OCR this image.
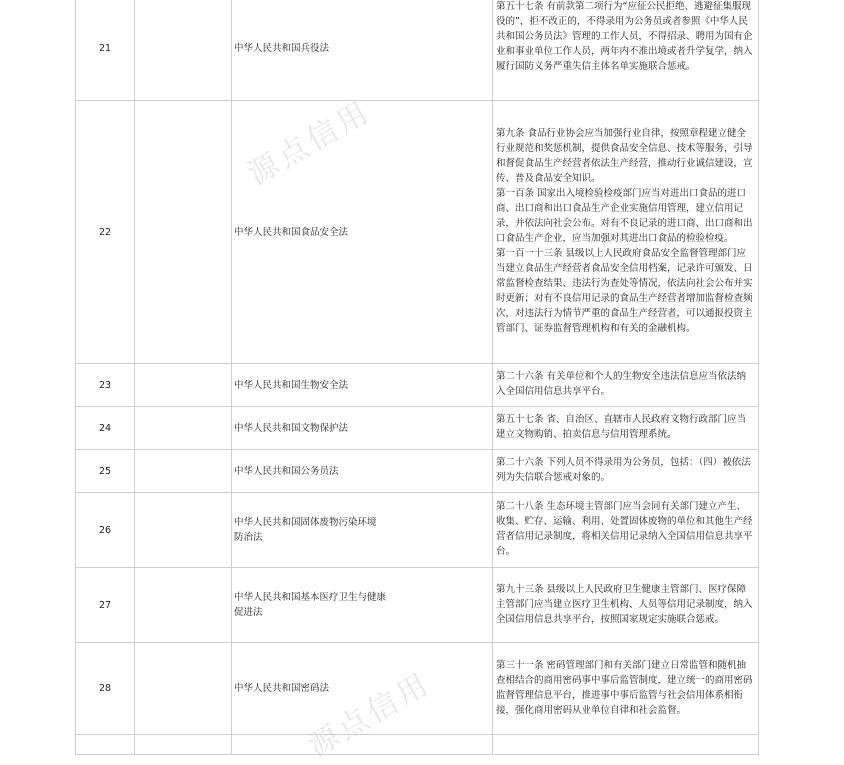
源点信用
源点信用
21		中华人民共和国兵役法	第五十七条 有前款第二项行为“应征公民拒绝、逃避征集服现役的”，拒不改正的，不得录用为公务员或者参照《中华人民共和国公务员法》管理的工作人员，不得招录、聘用为国有企业和事业单位工作人员，两年内不准出境或者升学复学，纳入履行国防义务严重失信主体名单实施联合惩戒。

22		中华人民共和国食品安全法	第九条 食品行业协会应当加强行业自律，按照章程建立健全行业规范和奖惩机制，提供食品安全信息、技术等服务，引导和督促食品生产经营者依法生产经营，推动行业诚信建设，宣传、普及食品安全知识。
第一百条 国家出入境检验检疫部门应当对进出口食品的进口商、出口商和出口食品生产企业实施信用管理，建立信用记录，并依法向社会公布。对有不良记录的进口商、出口商和出口食品生产企业，应当加强对其进出口食品的检验检疫。
第一百一十三条 县级以上人民政府食品安全监督管理部门应当建立食品生产经营者食品安全信用档案，记录许可颁发、日常监督检查结果、违法行为查处等情况，依法向社会公布并实时更新；对有不良信用记录的食品生产经营者增加监督检查频次，对违法行为情节严重的食品生产经营者，可以通报投资主管部门、证券监督管理机构和有关的金融机构。

23		中华人民共和国生物安全法	第二十六条 有关单位和个人的生物安全违法信息应当依法纳入全国信用信息共享平台。

24		中华人民共和国文物保护法	第五十七条 省、自治区、直辖市人民政府文物行政部门应当建立文物购销、拍卖信息与信用管理系统。

25		中华人民共和国公务员法	第二十六条 下列人员不得录用为公务员，包括：（四）被依法列为失信联合惩戒对象的。

26		中华人民共和国固体废物污染环境
防治法	第二十八条 生态环境主管部门应当会同有关部门建立产生、收集、贮存、运输、利用、处置固体废物的单位和其他生产经营者信用记录制度，将相关信用记录纳入全国信用信息共享平台。

27		中华人民共和国基本医疗卫生与健康
促进法	第九十三条 县级以上人民政府卫生健康主管部门、医疗保障主管部门应当建立医疗卫生机构、人员等信用记录制度，纳入全国信用信息共享平台，按照国家规定实施联合惩戒。

28		中华人民共和国密码法	第三十一条 密码管理部门和有关部门建立日常监管和随机抽查相结合的商用密码事中事后监管制度，建立统一的商用密码监督管理信息平台，推进事中事后监管与社会信用体系相衔接，强化商用密码从业单位自律和社会监督。
